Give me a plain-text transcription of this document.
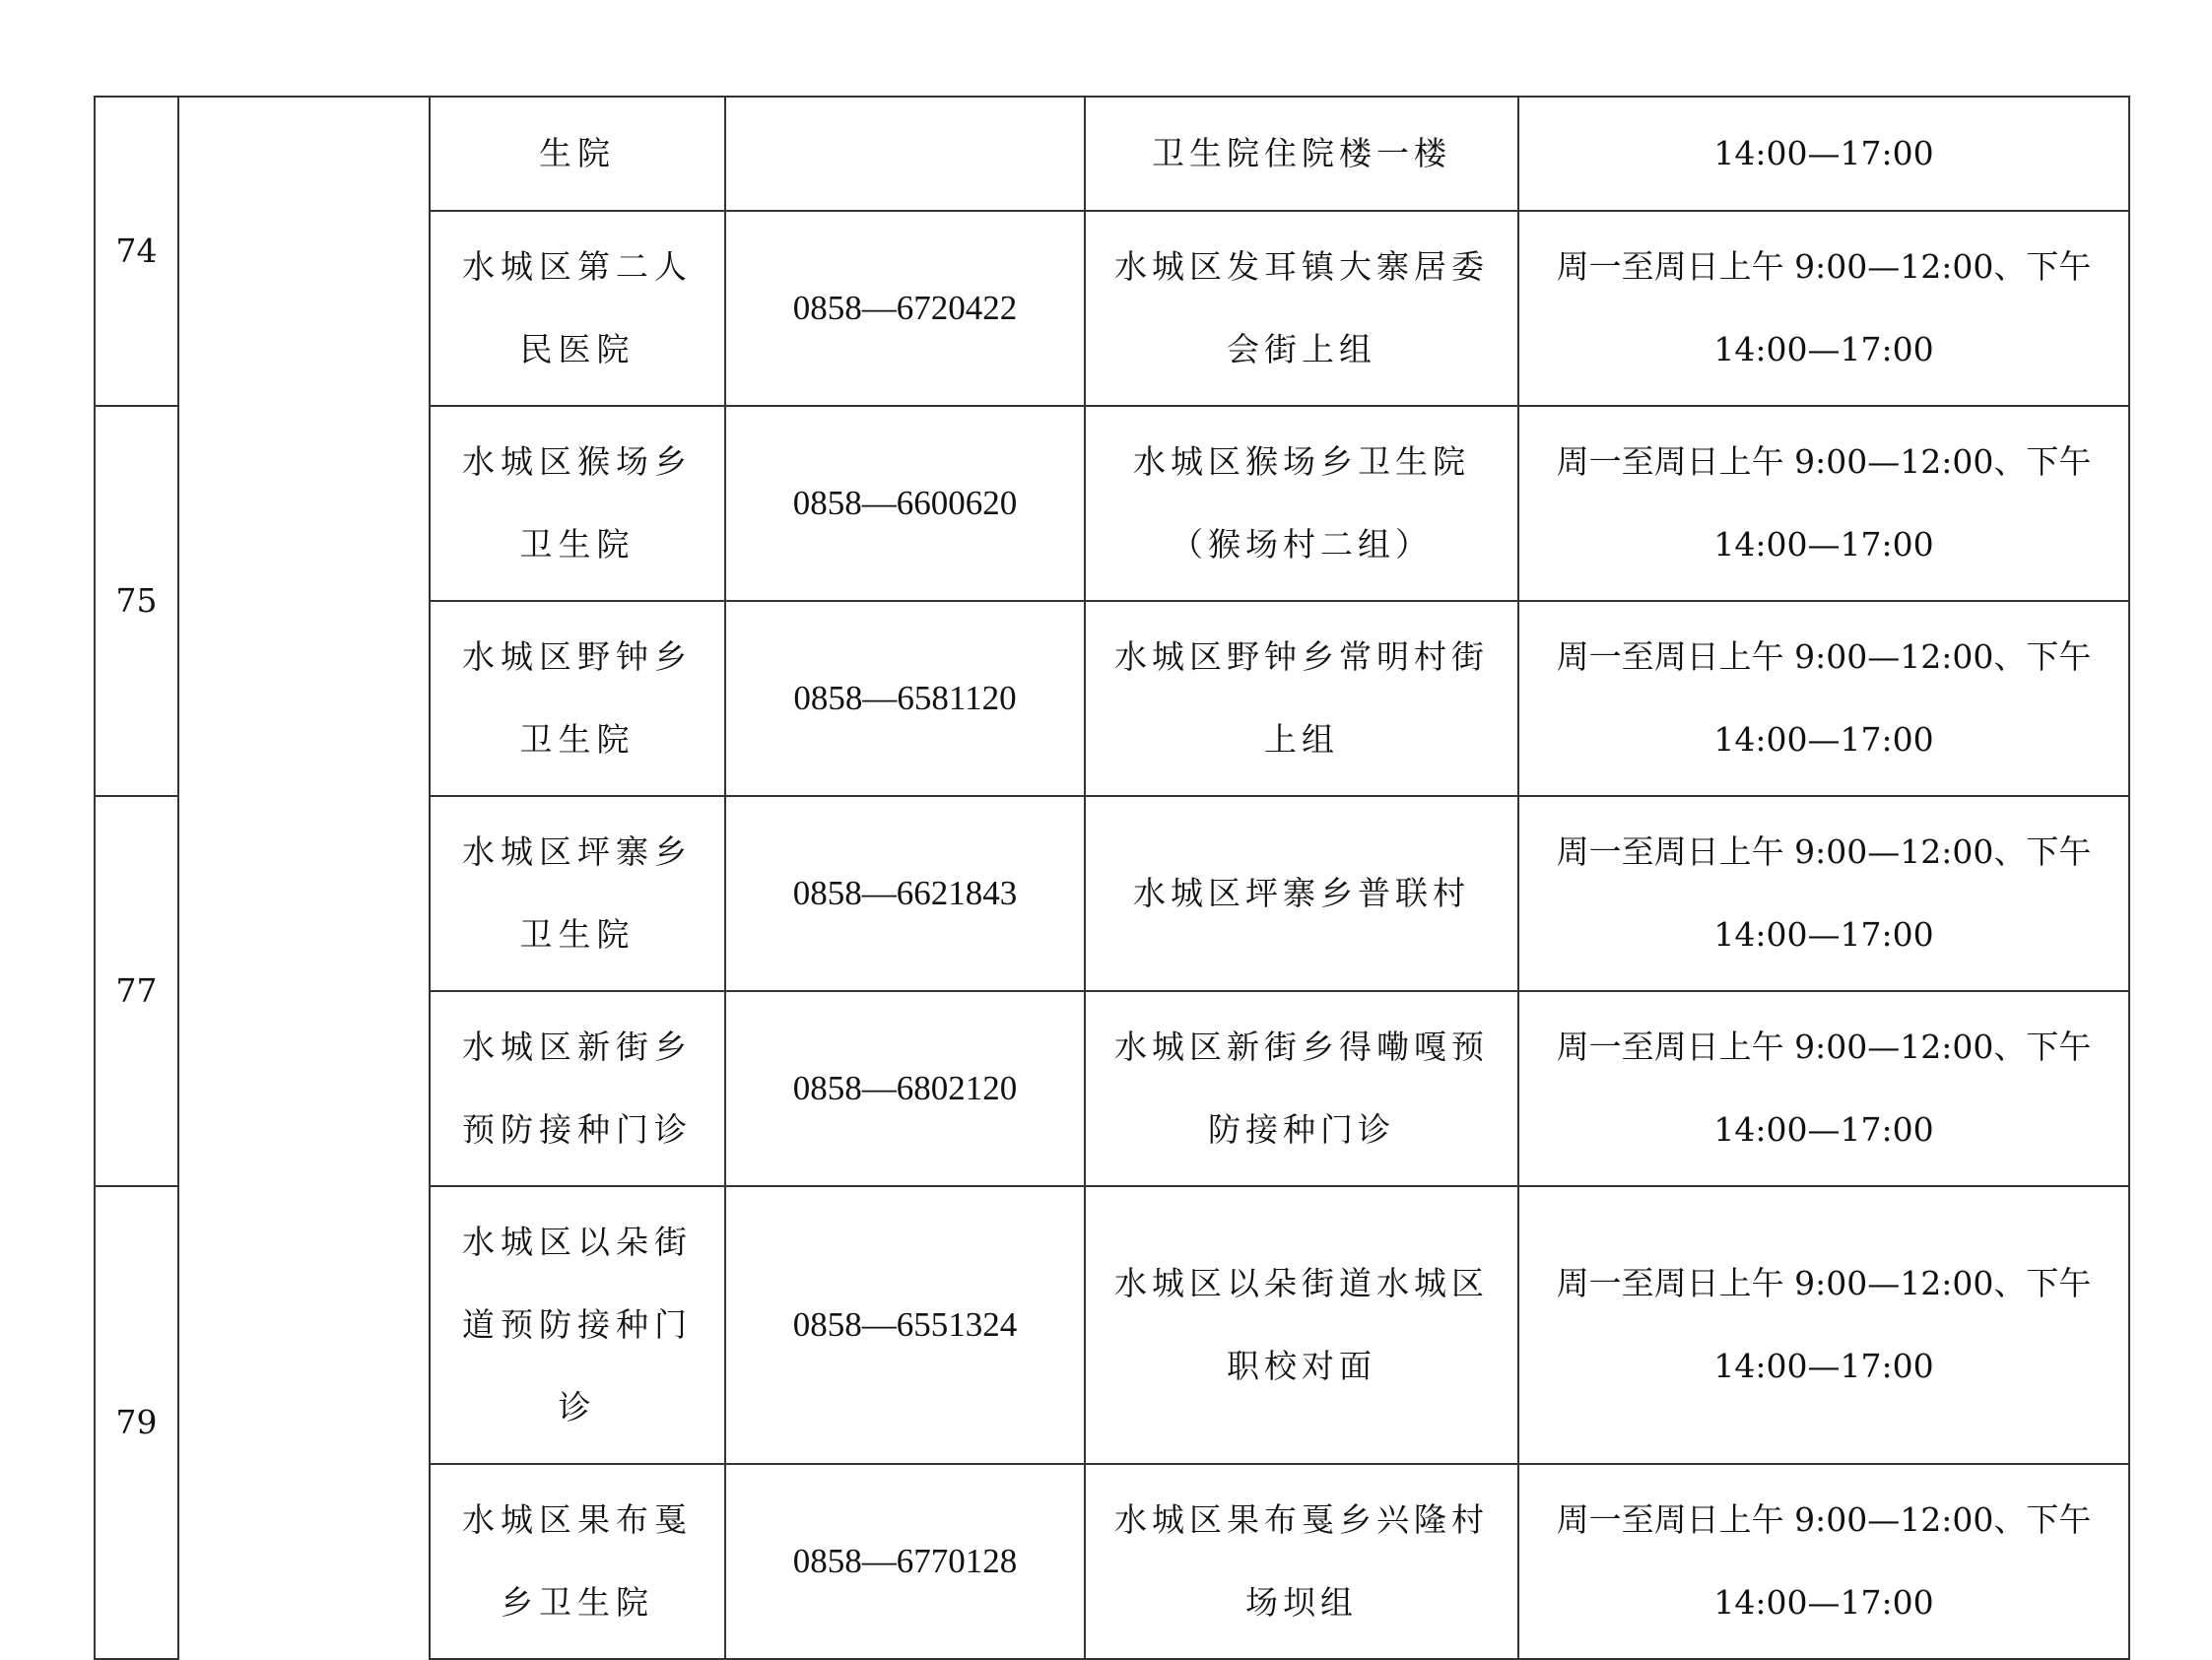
74		生院		卫生院住院楼一楼	14:00—17:00
		水城区第二人民医院	0858—6720422	水城区发耳镇大寨居委会街上组	周一至周日上午 9:00—12:00、下午 14:00—17:00
75		水城区猴场乡卫生院	0858—6600620	水城区猴场乡卫生院（猴场村二组）	周一至周日上午 9:00—12:00、下午 14:00—17:00
		水城区野钟乡卫生院	0858—6581120	水城区野钟乡常明村街上组	周一至周日上午 9:00—12:00、下午 14:00—17:00
77		水城区坪寨乡卫生院	0858—6621843	水城区坪寨乡普联村	周一至周日上午 9:00—12:00、下午 14:00—17:00
		水城区新街乡预防接种门诊	0858—6802120	水城区新街乡得嘞嘎预防接种门诊	周一至周日上午 9:00—12:00、下午 14:00—17:00
79		水城区以朵街道预防接种门诊	0858—6551324	水城区以朵街道水城区职校对面	周一至周日上午 9:00—12:00、下午 14:00—17:00
		水城区果布戛乡卫生院	0858—6770128	水城区果布戛乡兴隆村场坝组	周一至周日上午 9:00—12:00、下午 14:00—17:00
